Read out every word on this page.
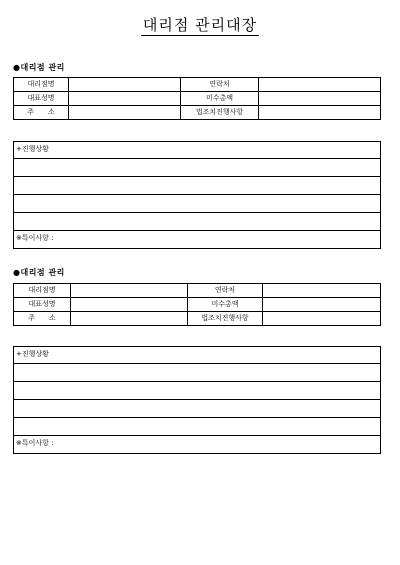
대리점 관리대장
●대리점 관리
대리점명		연락처	
대표성명		미수총액	
주　　소		법조치진행사항	
+진행상황
※특이사항 :
●대리점 관리
대리점명		연락처	
대표성명		미수총액	
주　　소		법조치진행사항	
+진행상황
※특이사항 :
